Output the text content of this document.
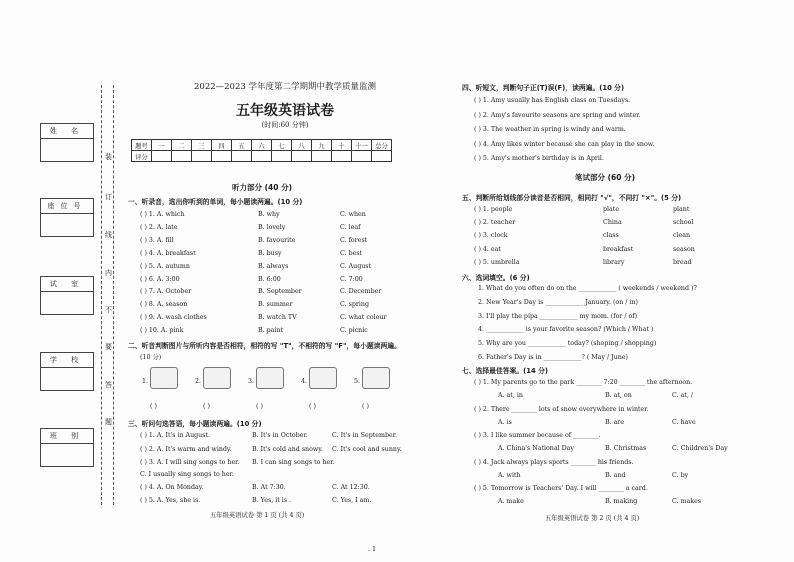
姓 名
座位号
试 室
学 校
班 别
装
订
线
内
不
要
答
题
2022—2023 学年度第二学期期中教学质量监测
五年级英语试卷
(时间:60 分钟)
题号	一	二	三	四	五	六	七	八	九	十	十一	总分
评分												
听力部分 (40 分)
一、听录音，选出你听到的单词，每小题读两遍。(10 分)
( ) 1. A. which	B. why	C. when
( ) 2. A. late	B. lovely	C. leaf
( ) 3. A. fill	B. favourite	C. forest
( ) 4. A. breakfast	B. busy	C. best
( ) 5. A. autumn	B. always	C. August
( ) 6. A. 3:00	B. 6:00	C. 7:00
( ) 7. A. October	B. September	C. December
( ) 8. A. season	B. summer	C. spring
( ) 9. A. wash clothes	B. watch TV	C. what colour
( ) 10. A. pink	B. paint	C. picnic
二、听音判断图片与所听内容是否相符，相符的写 "T"，不相符的写 "F"，每小题读两遍。
(10 分)
1.
( )
2.
( )
3.
( )
4.
( )
5.
( )
三、听问句选答语，每小题读两遍。(10 分)
( ) 1. A. It's in August.	B. It's in October.	C. It's in September.
( ) 2. A. It's warm and windy.	B. It's cold and snowy. C. It's cool and sunny.
( ) 3. A. I will sing songs to her. B. I can sing songs to her.
C. I usually sing songs to her.
( ) 4. A. On Monday.	B. At 7:30.	C. At 12:30.
( ) 5. A. Yes, she is.	B. Yes, it is .	C. Yes, I am.
五年级英语试卷 第 1 页 (共 4 页)
四、听短文，判断句子正(T)误(F)，读两遍。(10 分)
( ) 1. Amy usually has English class on Tuesdays.
( ) 2. Amy's favourite seasons are spring and winter.
( ) 3. The weather in spring is windy and warm.
( ) 4. Amy likes winter because she can play in the snow.
( ) 5. Amy's mother's birthday is in April.
笔试部分 (60 分)
五、判断所给划线部分读音是否相同，相同打 "√"，不同打 "×"。(5 分)
( ) 1. people	plate	plant
( ) 2. teacher	China	school
( ) 3. clock	class	clean
( ) 4. eat	breakfast	season
( ) 5. umbrella	library	bread
六、选词填空。(6 分)
1. What do you often do on the ____________ ( weekends / weekend )?
2. New Year's Day is ____________ January. (on / in)
3. I'll play the pipa ____________ my mom. (for / of)
4. ____________ is your favorite season? (Which / What )
5. Why are you ____________ today? (shoping / shopping)
6. Father's Day is in ____________? ( May / June)
七、选择最佳答案。(14 分)
( ) 1. My parents go to the park ________ 7:20 ________ the afternoon.
A. at, in	B. at, on	C. at, /
( ) 2. There ________ lots of snow everywhere in winter.
A. is	B. are	C. have
( ) 3. I like summer because of ________.
A. China's National Day	B. Christmas	C. Children's Day
( ) 4. Jack always plays sports ________ his friends.
A. with	B. and	C. by
( ) 5. Tomorrow is Teachers' Day. I will ________ a card.
A. make	B. making	C. makes
五年级英语试卷 第 2 页 (共 4 页)
. 1
